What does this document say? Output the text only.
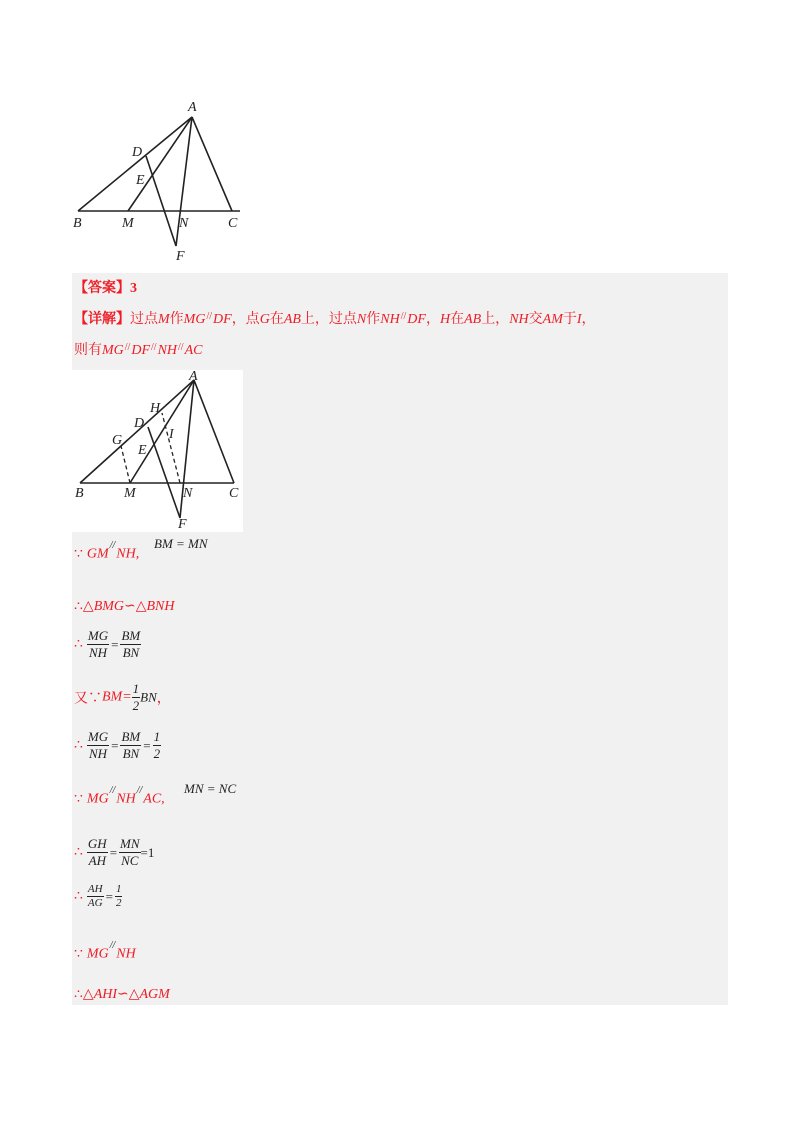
A
D
E
B	M	N	C
F
【答案】3
【详解】过点M作MG//DF，点G在AB上，过点N作NH//DF，H在AB上，NH交AM于I，
则有MG//DF//NH//AC
A
H
D
I
G
E
B	M	N	C
F
∵ GM//NH,
BM = MN
∴△BMG∽△BNH
∴ $\frac{MG}{NH} = \frac{BM}{BN}$
又∵BM= $\frac{1}{2}$ BN，
∴ $\frac{MG}{NH} = \frac{BM}{BN} = \frac{1}{2}$
∵ MG//NH//AC,
MN = NC
∴ $\frac{GH}{AH} = \frac{MN}{NC} =1$
∴ $\frac{AH}{AG} = \frac{1}{2}$
∵ MG//NH
∴△AHI∽△AGM
